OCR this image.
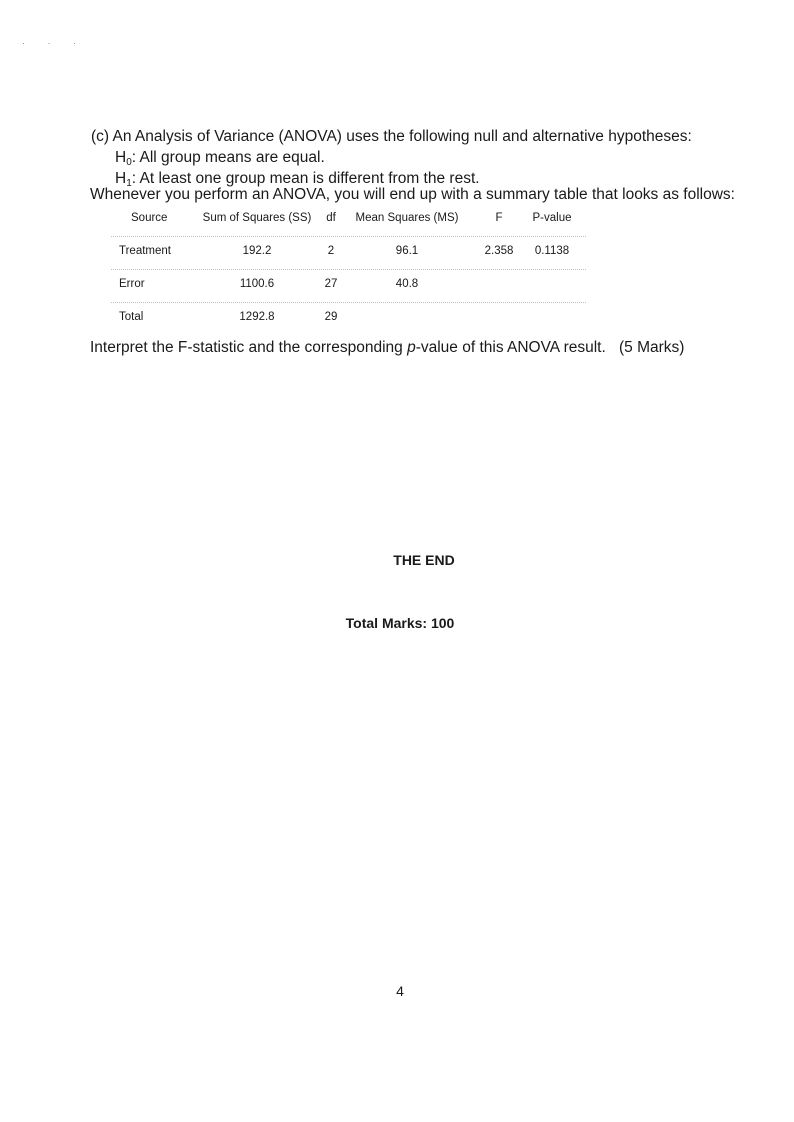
· · ·
(c) An Analysis of Variance (ANOVA) uses the following null and alternative hypotheses:
$H_0$: All group means are equal.
$H_1$: At least one group mean is different from the rest.
Whenever you perform an ANOVA, you will end up with a summary table that looks as follows:
Source	Sum of Squares (SS)	df	Mean Squares (MS)	F	P-value
Treatment	192.2	2	96.1	2.358	0.1138
Error	1100.6	27	40.8
Total	1292.8	29
Interpret the F-statistic and the corresponding p-value of this ANOVA result. (5 Marks)
THE END
Total Marks: 100
4
